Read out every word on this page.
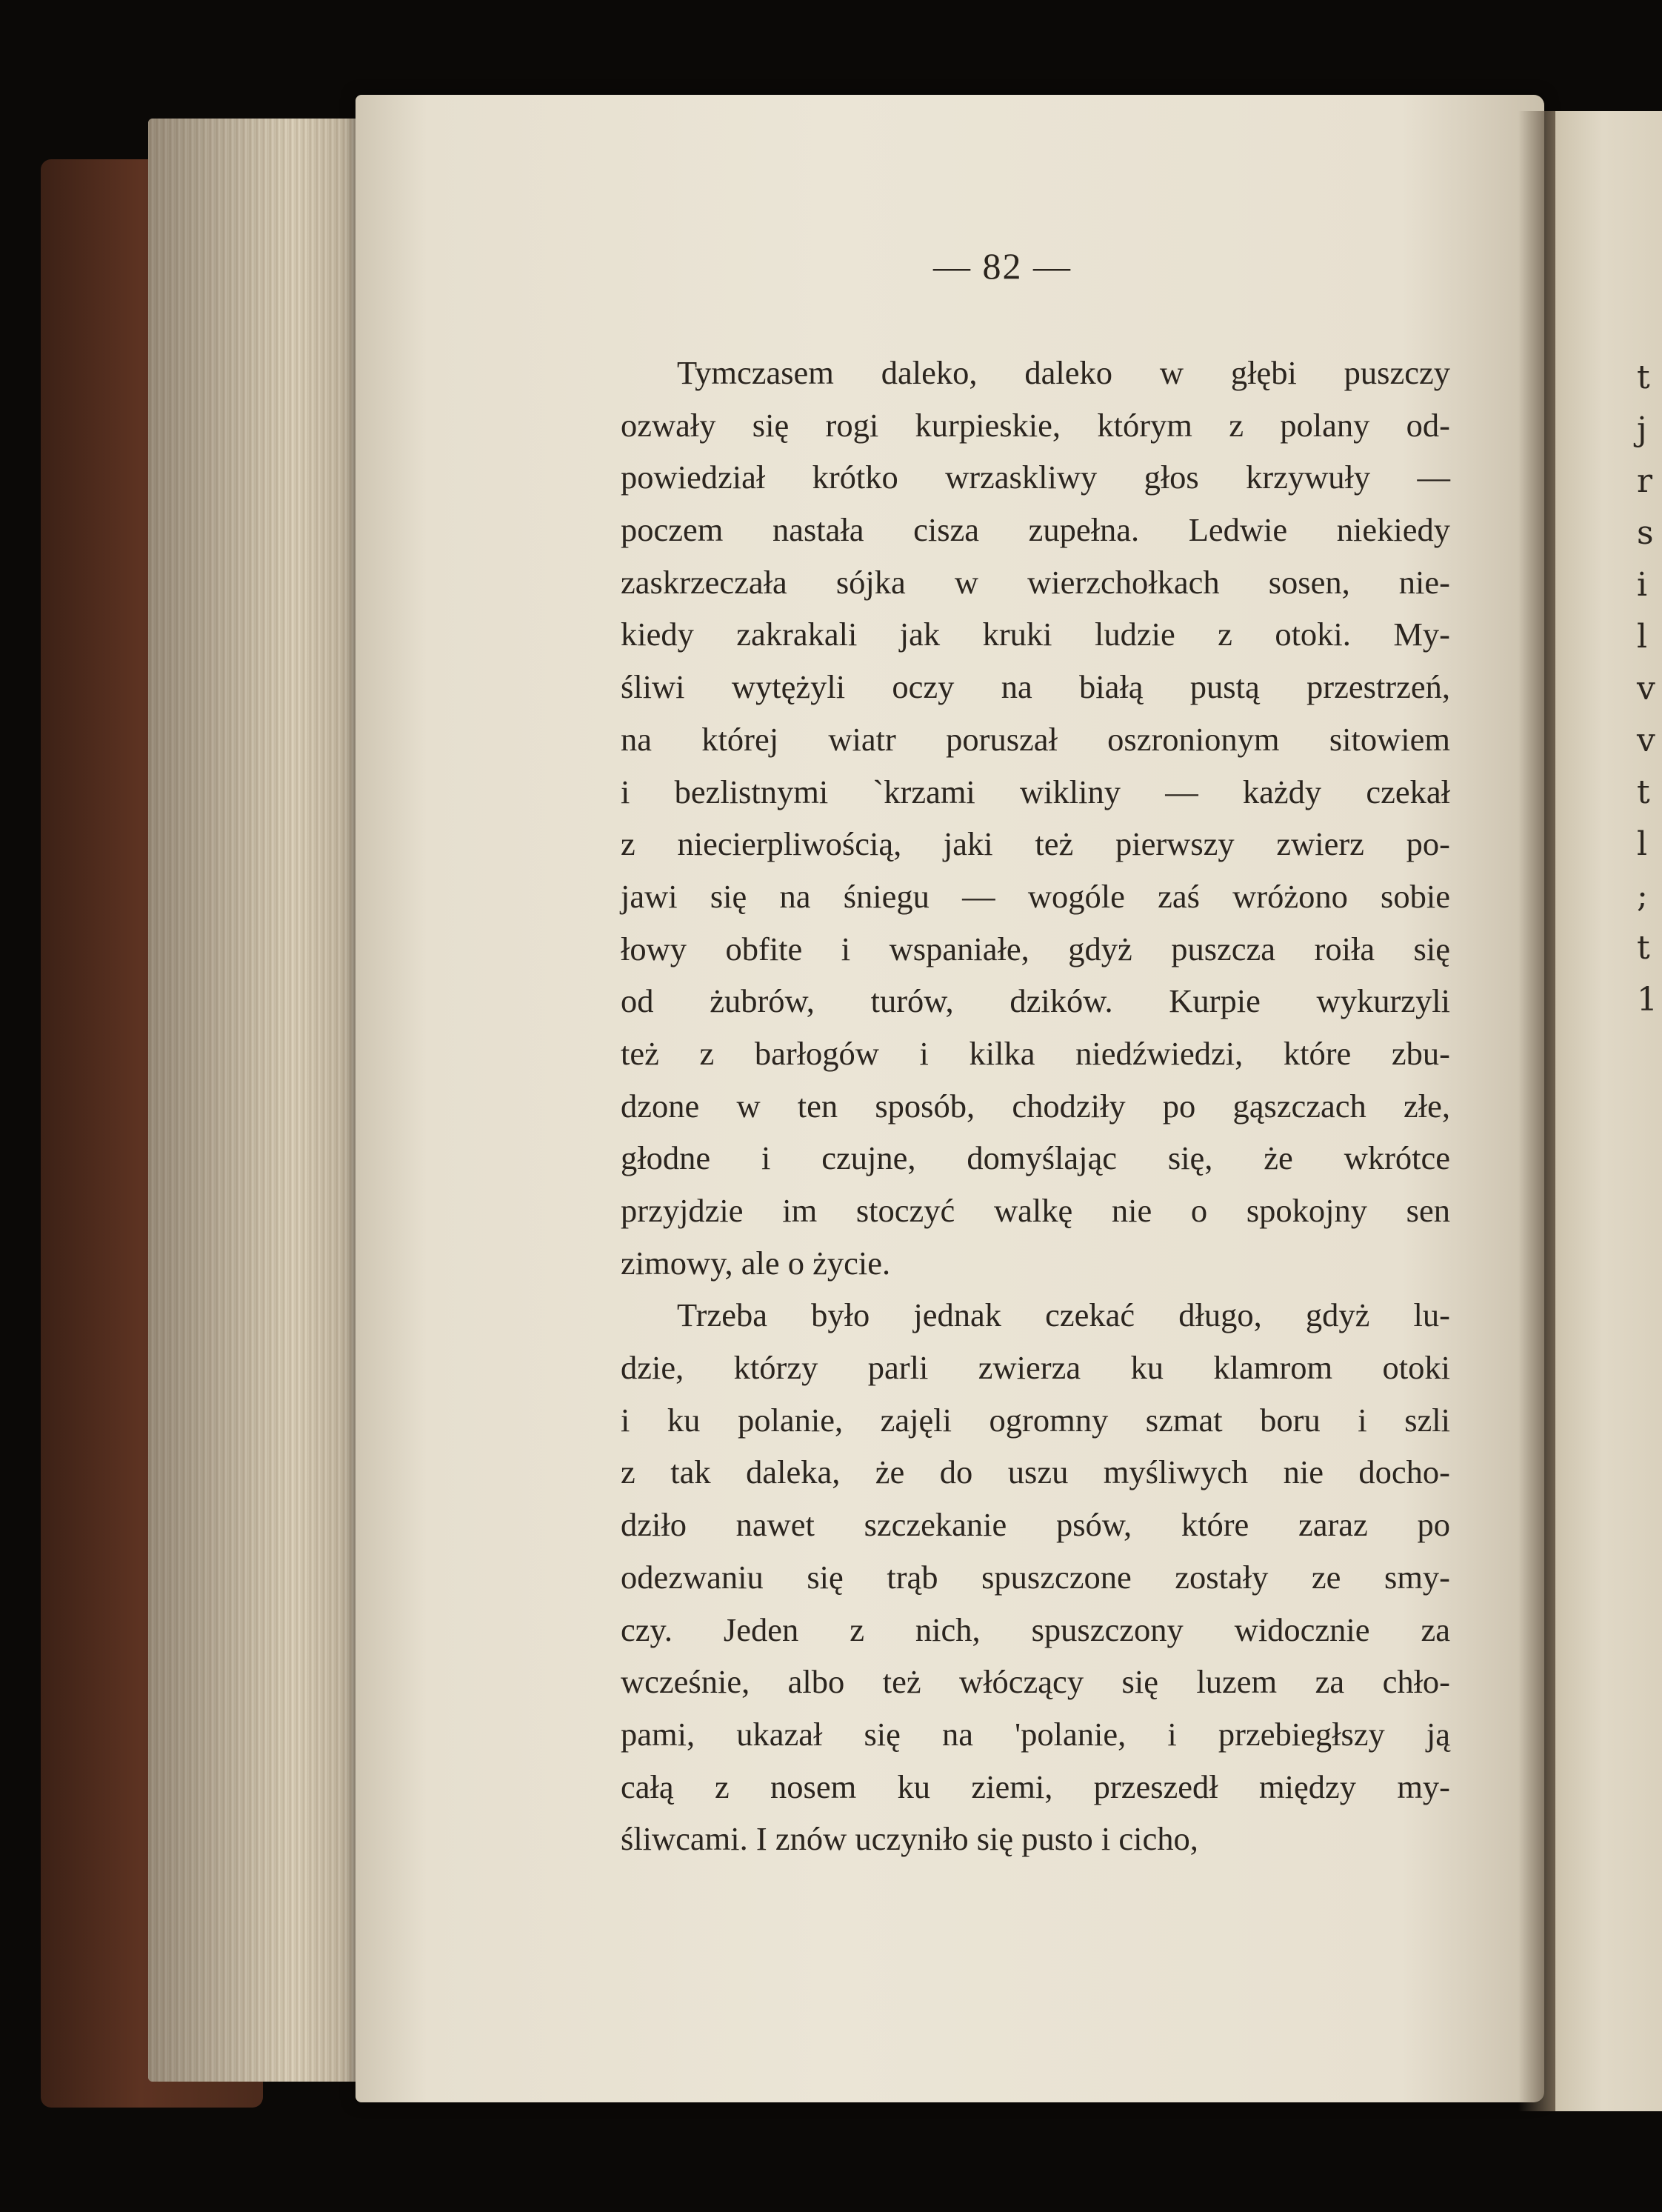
t
j
r
s
i
l
v
v
t
l
;
t
1
— 82 —
Tymczasem daleko, daleko w głębi puszczy
ozwały się rogi kurpieskie, którym z polany od-
powiedział krótko wrzaskliwy głos krzywuły —
poczem nastała cisza zupełna. Ledwie niekiedy
zaskrzeczała sójka w wierzchołkach sosen, nie-
kiedy zakrakali jak kruki ludzie z otoki. My-
śliwi wytężyli oczy na białą pustą przestrzeń,
na której wiatr poruszał oszronionym sitowiem
i bezlistnymi `krzami wikliny — każdy czekał
z niecierpliwością, jaki też pierwszy zwierz po-
jawi się na śniegu — wogóle zaś wróżono sobie
łowy obfite i wspaniałe, gdyż puszcza roiła się
od żubrów, turów, dzików. Kurpie wykurzyli
też z barłogów i kilka niedźwiedzi, które zbu-
dzone w ten sposób, chodziły po gąszczach złe,
głodne i czujne, domyślając się, że wkrótce
przyjdzie im stoczyć walkę nie o spokojny sen
zimowy, ale o życie.
Trzeba było jednak czekać długo, gdyż lu-
dzie, którzy parli zwierza ku klamrom otoki
i ku polanie, zajęli ogromny szmat boru i szli
z tak daleka, że do uszu myśliwych nie docho-
dziło nawet szczekanie psów, które zaraz po
odezwaniu się trąb spuszczone zostały ze smy-
czy. Jeden z nich, spuszczony widocznie za
wcześnie, albo też włóczący się luzem za chło-
pami, ukazał się na 'polanie, i przebiegłszy ją
całą z nosem ku ziemi, przeszedł między my-
śliwcami. I znów uczyniło się pusto i cicho,
